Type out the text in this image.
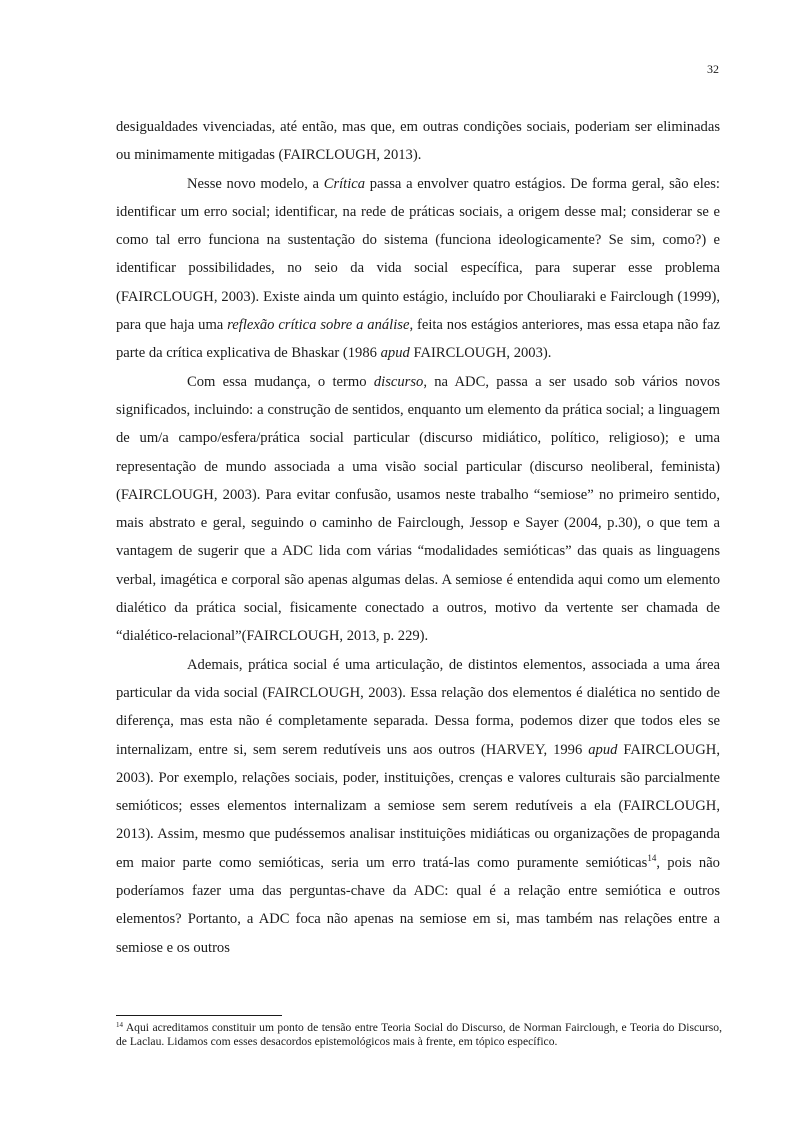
32

desigualdades vivenciadas, até então, mas que, em outras condições sociais, poderiam ser eliminadas ou minimamente mitigadas (FAIRCLOUGH, 2013).

Nesse novo modelo, a Crítica passa a envolver quatro estágios. De forma geral, são eles: identificar um erro social; identificar, na rede de práticas sociais, a origem desse mal; considerar se e como tal erro funciona na sustentação do sistema (funciona ideologicamente? Se sim, como?) e identificar possibilidades, no seio da vida social específica, para superar esse problema (FAIRCLOUGH, 2003). Existe ainda um quinto estágio, incluído por Chouliaraki e Fairclough (1999), para que haja uma reflexão crítica sobre a análise, feita nos estágios anteriores, mas essa etapa não faz parte da crítica explicativa de Bhaskar (1986 apud FAIRCLOUGH, 2003).

Com essa mudança, o termo discurso, na ADC, passa a ser usado sob vários novos significados, incluindo: a construção de sentidos, enquanto um elemento da prática social; a linguagem de um/a campo/esfera/prática social particular (discurso midiático, político, religioso); e uma representação de mundo associada a uma visão social particular (discurso neoliberal, feminista) (FAIRCLOUGH, 2003). Para evitar confusão, usamos neste trabalho “semiose” no primeiro sentido, mais abstrato e geral, seguindo o caminho de Fairclough, Jessop e Sayer (2004, p.30), o que tem a vantagem de sugerir que a ADC lida com várias “modalidades semióticas” das quais as linguagens verbal, imagética e corporal são apenas algumas delas. A semiose é entendida aqui como um elemento dialético da prática social, fisicamente conectado a outros, motivo da vertente ser chamada de “dialético-relacional”(FAIRCLOUGH, 2013, p. 229).

Ademais, prática social é uma articulação, de distintos elementos, associada a uma área particular da vida social (FAIRCLOUGH, 2003). Essa relação dos elementos é dialética no sentido de diferença, mas esta não é completamente separada. Dessa forma, podemos dizer que todos eles se internalizam, entre si, sem serem redutíveis uns aos outros (HARVEY, 1996 apud FAIRCLOUGH, 2003). Por exemplo, relações sociais, poder, instituições, crenças e valores culturais são parcialmente semióticos; esses elementos internalizam a semiose sem serem redutíveis a ela (FAIRCLOUGH, 2013). Assim, mesmo que pudéssemos analisar instituições midiáticas ou organizações de propaganda em maior parte como semióticas, seria um erro tratá-las como puramente semióticas$^{14}$, pois não poderíamos fazer uma das perguntas-chave da ADC: qual é a relação entre semiótica e outros elementos? Portanto, a ADC foca não apenas na semiose em si, mas também nas relações entre a semiose e os outros

$^{14}$ Aqui acreditamos constituir um ponto de tensão entre Teoria Social do Discurso, de Norman Fairclough, e Teoria do Discurso, de Laclau. Lidamos com esses desacordos epistemológicos mais à frente, em tópico específico.
